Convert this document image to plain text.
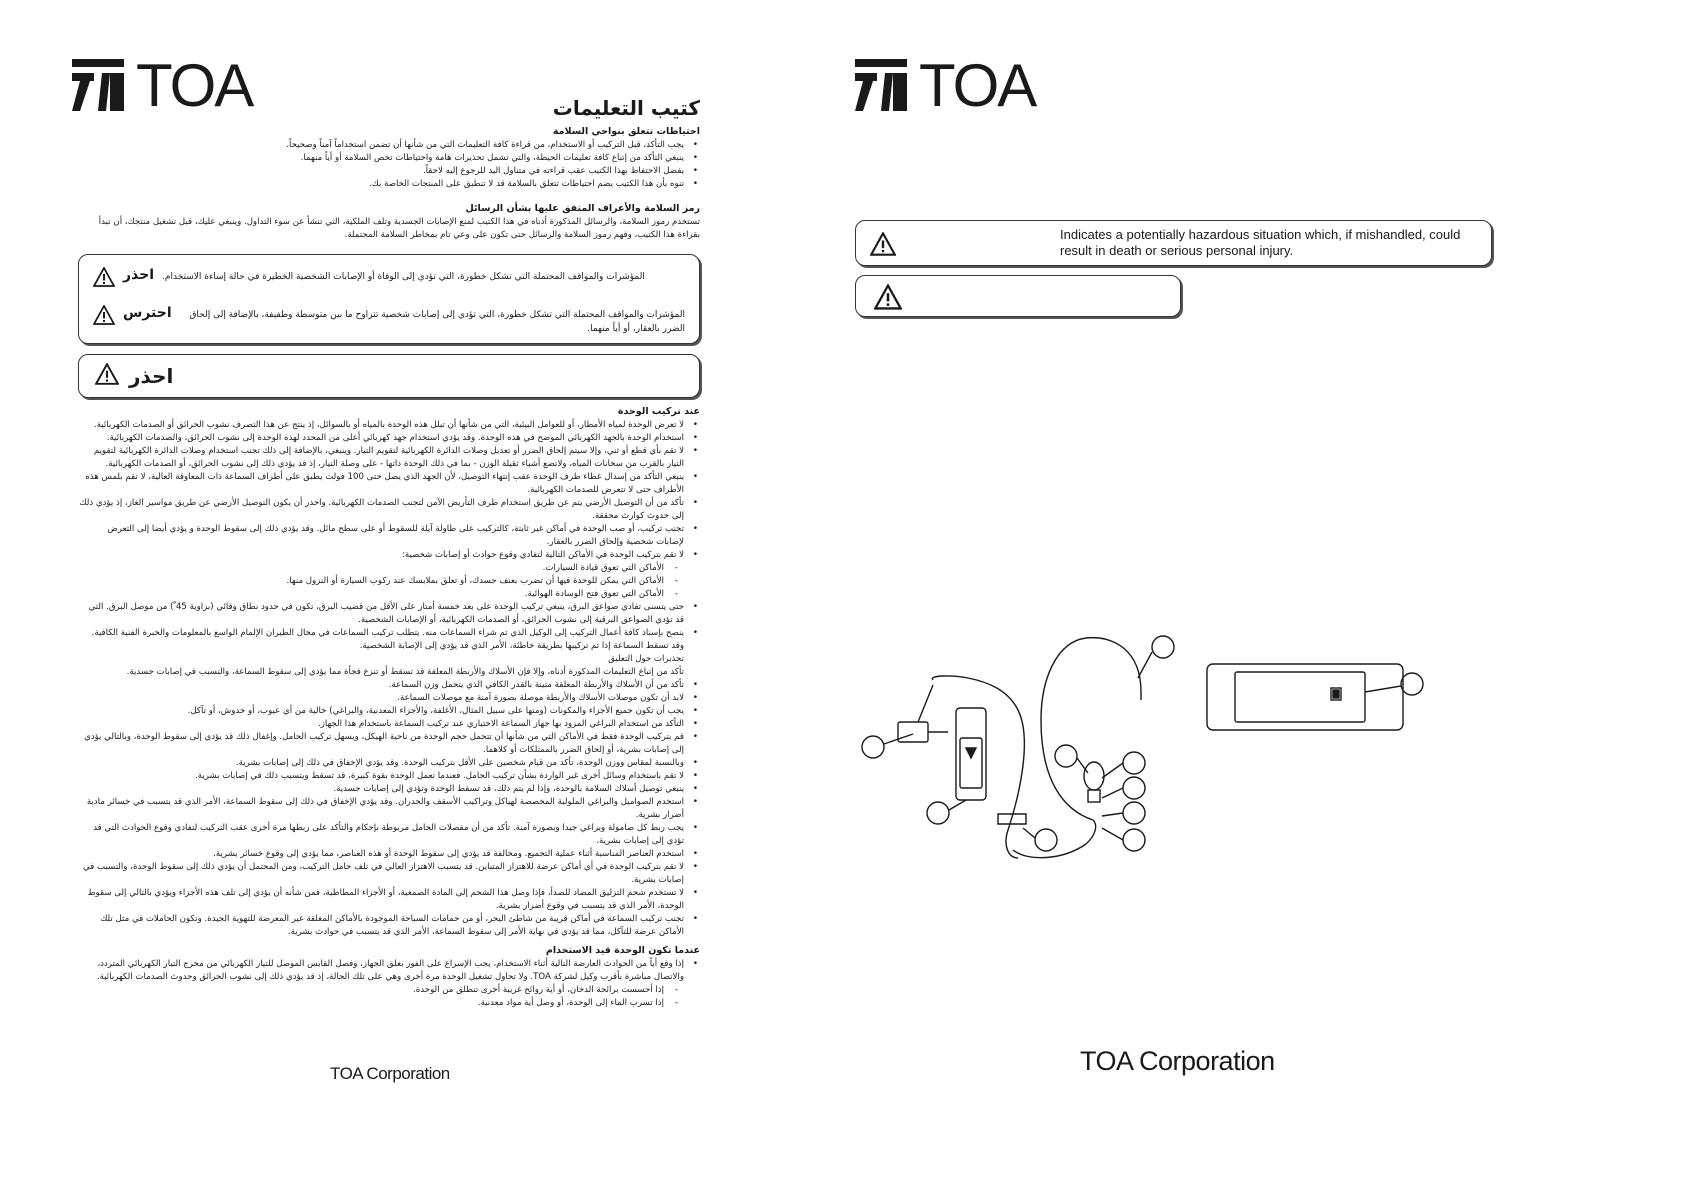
TOA	كتيب التعليمات
احتياطات تتعلق بنواحي السلامة
• يجب التأكد، قبل التركيب أو الاستخدام، من قراءة كافة التعليمات التي من شأنها أن تضمن استخداماً آمناً وصحيحاً.
• ينبغي التأكد من إتباع كافة تعليمات الحيطة، والتي تشمل تحذيرات هامة واحتياطات تخص السلامة أو أياً منهما.
• يفضل الاحتفاظ بهذا الكتيب عقب قراءته في متناول اليد للرجوع إليه لاحقاً.
• تنوه بأن هذا الكتيب يضم احتياطات تتعلق بالسلامة قد لا تنطبق على المنتجات الخاصة بك.
رمز السلامة والأعراف المتفق عليها بشأن الرسائل
تستخدم رموز السلامة، والرسائل المذكورة أدناه في هذا الكتيب لمنع الإصابات الجسدية وتلف الملكية، التي تنشأ عن سوء التداول. وينبغي عليك، قبل تشغيل منتجك، أن تبدأ بقراءة هذا الكتيب، وفهم رموز السلامة والرسائل حتى تكون على وعي تام بمخاطر السلامة المحتملة.
احذر المؤشرات والمواقف المحتملة التي تشكل خطورة، التي تؤدي إلى الوفاة أو الإصابات الشخصية الخطيرة في حالة إساءة الاستخدام.
احترس	المؤشرات والمواقف المحتملة التي تشكل خطورة، التي تؤدي إلى إصابات شخصية تتراوح ما بين متوسطة وطفيفة، بالإضافة إلى إلحاق الضرر بالعقار، أو أياً منهما.
احذر
عند تركيب الوحدة
• لا تعرض الوحدة لمياه الأمطار، أو للعوامل البيئية، التي من شأنها أن تبلل هذه الوحدة بالمياه أو بالسوائل، إذ ينتج عن هذا التصرف نشوب الحرائق أو الصدمات الكهربائية.
• استخدام الوحدة بالجهد الكهربائي الموضح في هذه الوحدة. وقد يؤدي استخدام جهد كهربائي أعلى من المحدد لهذه الوحدة إلى نشوب الحرائق، والصدمات الكهربائية.
• لا تقم بأي قطع أو ثني، وإلا سيتم إلحاق الضرر أو تعديل وصلات الدائرة الكهربائية لتقويم التيار. وينبغي، بالإضافة إلى ذلك تجنب استخدام وصلات الدائرة الكهربائية لتقويم التيار بالقرب من سخانات المياه، ولاتضع أشياء ثقيلة الوزن - بما في ذلك الوحدة ذاتها - على وصلة التيار، إذ قد يؤدي ذلك إلى نشوب الحرائق، أو الصدمات الكهربائية.
• ينبغي التأكد من إسدال غطاء طرف الوحدة عقب إنتهاء التوصيل، لأن الجهد الذي يصل حتى 100 فولت يطبق على أطراف السماعة ذات المعاوقة العالية، لا تقم بلمس هذه الأطراف حتى لا تتعرض للصدمات الكهربائية.
• تأكد من أن التوصيل الأرضي يتم عن طريق استخدام طرف التأريض الآمن لتجنب الصدمات الكهربائية. واحذر أن يكون التوصيل الأرضي عن طريق مواسير الغاز، إذ يؤدي ذلك إلى حدوث كوارث محققة.
• تجنب تركيب، أو صب الوحدة في أماكن غير ثابتة، كالتركيب على طاولة آيلة للسقوط أو على سطح مائل. وقد يؤدي ذلك إلى سقوط الوحدة و يؤدي أيضا إلى التعرض لإصابات شخصية وإلحاق الضرر بالعقار.
• لا تقم بتركيب الوحدة في الأماكن التالية لتفادي وقوع حوادث أو إصابات شخصية:
- الأماكن التي تعوق قيادة السيارات.
- الأماكن التي يمكن للوحدة فيها أن تضرب بعنف جسدك، أو تعلق بملابسك عند ركوب السيارة أو النزول منها.
- الأماكن التي تعوق فتح الوسادة الهوائية.
• حتى يتسنى تفادي صواعق البرق، ينبغي تركيب الوحدة على بعد خمسة أمتار على الأقل من قضيب البرق، تكون في حدود نطاق وقائي (بزاوية 45 ْ) من موصل البرق. التي قد تؤدي الصواعق البرقية إلى نشوب الحرائق، أو الصدمات الكهربائية، أو الإصابات الشخصية.
• ينصح بإسناد كافة أعمال التركيب إلى الوكيل الذي تم شراء السماعات منه. يتطلب تركيب السماعات في مجال الطيران الإلمام الواسع بالمعلومات والخبرة الفنية الكافية. وقد تسقط السماعة إذا تم تركيبها بطريقة خاطئة، الأمر الذي قد يؤدي إلى الإصابة الشخصية.
تحذيرات حول التعليق
تأكد من إتباع التعليمات المذكورة أدناه، وإلا فإن الأسلاك والأربطة المعلقة قد تسقط أو تنزع فجأة مما يؤدي إلى سقوط السماعة، والتسبب في إصابات جسدية.
• تأكد من أن الأسلاك والأربطة المعلقة متينة بالقدر الكافي الذي يتحمل وزن السماعة.
• لابد أن تكون موصلات الأسلاك والأربطة موصلة بصورة آمنة مع موصلات السماعة.
• يجب أن تكون جميع الأجزاء والمكونات (ومنها على سبيل المثال، الأغلفة، والأجزاء المعدنية، والبراغي) خالية من أي عيوب، أو خدوش، أو تآكل.
• التأكد من استخدام البراغي المزود بها جهاز السماعة الاختياري عند تركيب السماعة باستخدام هذا الجهاز.
• قم بتركيب الوحدة فقط في الأماكن التي من شأنها أن تتحمل حجم الوحدة من ناحية الهيكل، ويسهل تركيب الحامل. وإغفال ذلك قد يؤدي إلى سقوط الوحدة، وبالتالي يؤدي إلى إصابات بشرية، أو إلحاق الضرر بالممتلكات أو كلاهما.
• وبالنسبة لمقاس ووزن الوحدة، تأكد من قيام شخصين على الأقل بتركيب الوحدة. وقد يؤدي الإخفاق في ذلك إلى إصابات بشرية.
• لا تقم باستخدام وسائل أخرى غير الواردة بشأن تركيب الحامل. فعندما تعمل الوحدة بقوة كبيرة، قد تسقط ويتسبب ذلك في إصابات بشرية.
• ينبغي توصيل أسلاك السلامة بالوحدة، وإذا لم يتم ذلك، قد تسقط الوحدة وتؤدي إلى إصابات جسدية.
• استخدم الصواميل والبراغي الملولبة المخصصة لهياكل وتراكيب الأسقف والجدران. وقد يؤدي الإخفاق في ذلك إلى سقوط السماعة، الأمر الذي قد يتسبب في خسائر مادية أضرار بشرية.
• يجب ربط كل صامولة وبراغي جيدا وبصورة آمنة. تأكد من أن مفصلات الحامل مربوطة بإحكام والتأكد على ربطها مرة أخرى عقب التركيب لتفادي وقوع الحوادث التي قد تؤدي إلى إصابات بشرية.
• استخدم العناصر المناسبة أثناء عملية التجميع. ومخالفة قد يؤدي إلى سقوط الوحدة أو هذه العناصر، مما يؤدي إلى وقوع خسائر بشرية.
• لا تقم بتركيب الوحدة في أي أماكن عرضة للاهتزاز المتباين. قد يتسبب الاهتزاز العالي في تلف حامل التركيب، ومن المحتمل أن يؤدي ذلك إلى سقوط الوحدة، والتسبب في إصابات بشرية.
• لا تستخدم شحم التزليق المضاد للصدأ، فإذا وصل هذا الشحم إلى المادة الصمغية، أو الأجزاء المطاطية، فمن شأنه أن يؤدي إلى تلف هذه الأجزاء ويؤدي بالتالي إلى سقوط الوحدة، الأمر الذي قد يتسبب في وقوع أضرار بشرية.
• تجنب تركيب السماعة في أماكن قريبة من شاطئ البحر، أو من حمامات السباحة الموجودة بالأماكن المغلقة غير المعرضة للتهوية الجيدة. وتكون الحاملات في مثل تلك الأماكن عرضة للتآكل، مما قد يؤدي في نهاية الأمر إلى سقوط السماعة، الأمر الذي قد يتسبب في حوادث بشرية.
عندما تكون الوحدة قيد الاستخدام
• إذا وقع أياً من الحوادث العارضة التالية أثناء الاستخدام، يجب الإسراع على الفور بغلق الجهاز، وفصل القابس الموصل للتيار الكهربائي من مخرج التيار الكهربائي المتردد، والاتصال مباشرة بأقرب وكيل لشركة TOA. ولا تحاول تشغيل الوحدة مرة أخرى وهي على تلك الحالة، إذ قد يؤدي ذلك إلى نشوب الحرائق وحدوث الصدمات الكهربائية.
- إذا أحسست برائحة الدخان، أو أية روائح غريبة أخرى تنطلق من الوحدة.
- إذا تسرب الماء إلى الوحدة، أو وصل أية مواد معدنية.
TOA Corporation
TOA
Indicates a potentially hazardous situation which, if mishandled, could result in death or serious personal injury.
TOA Corporation
